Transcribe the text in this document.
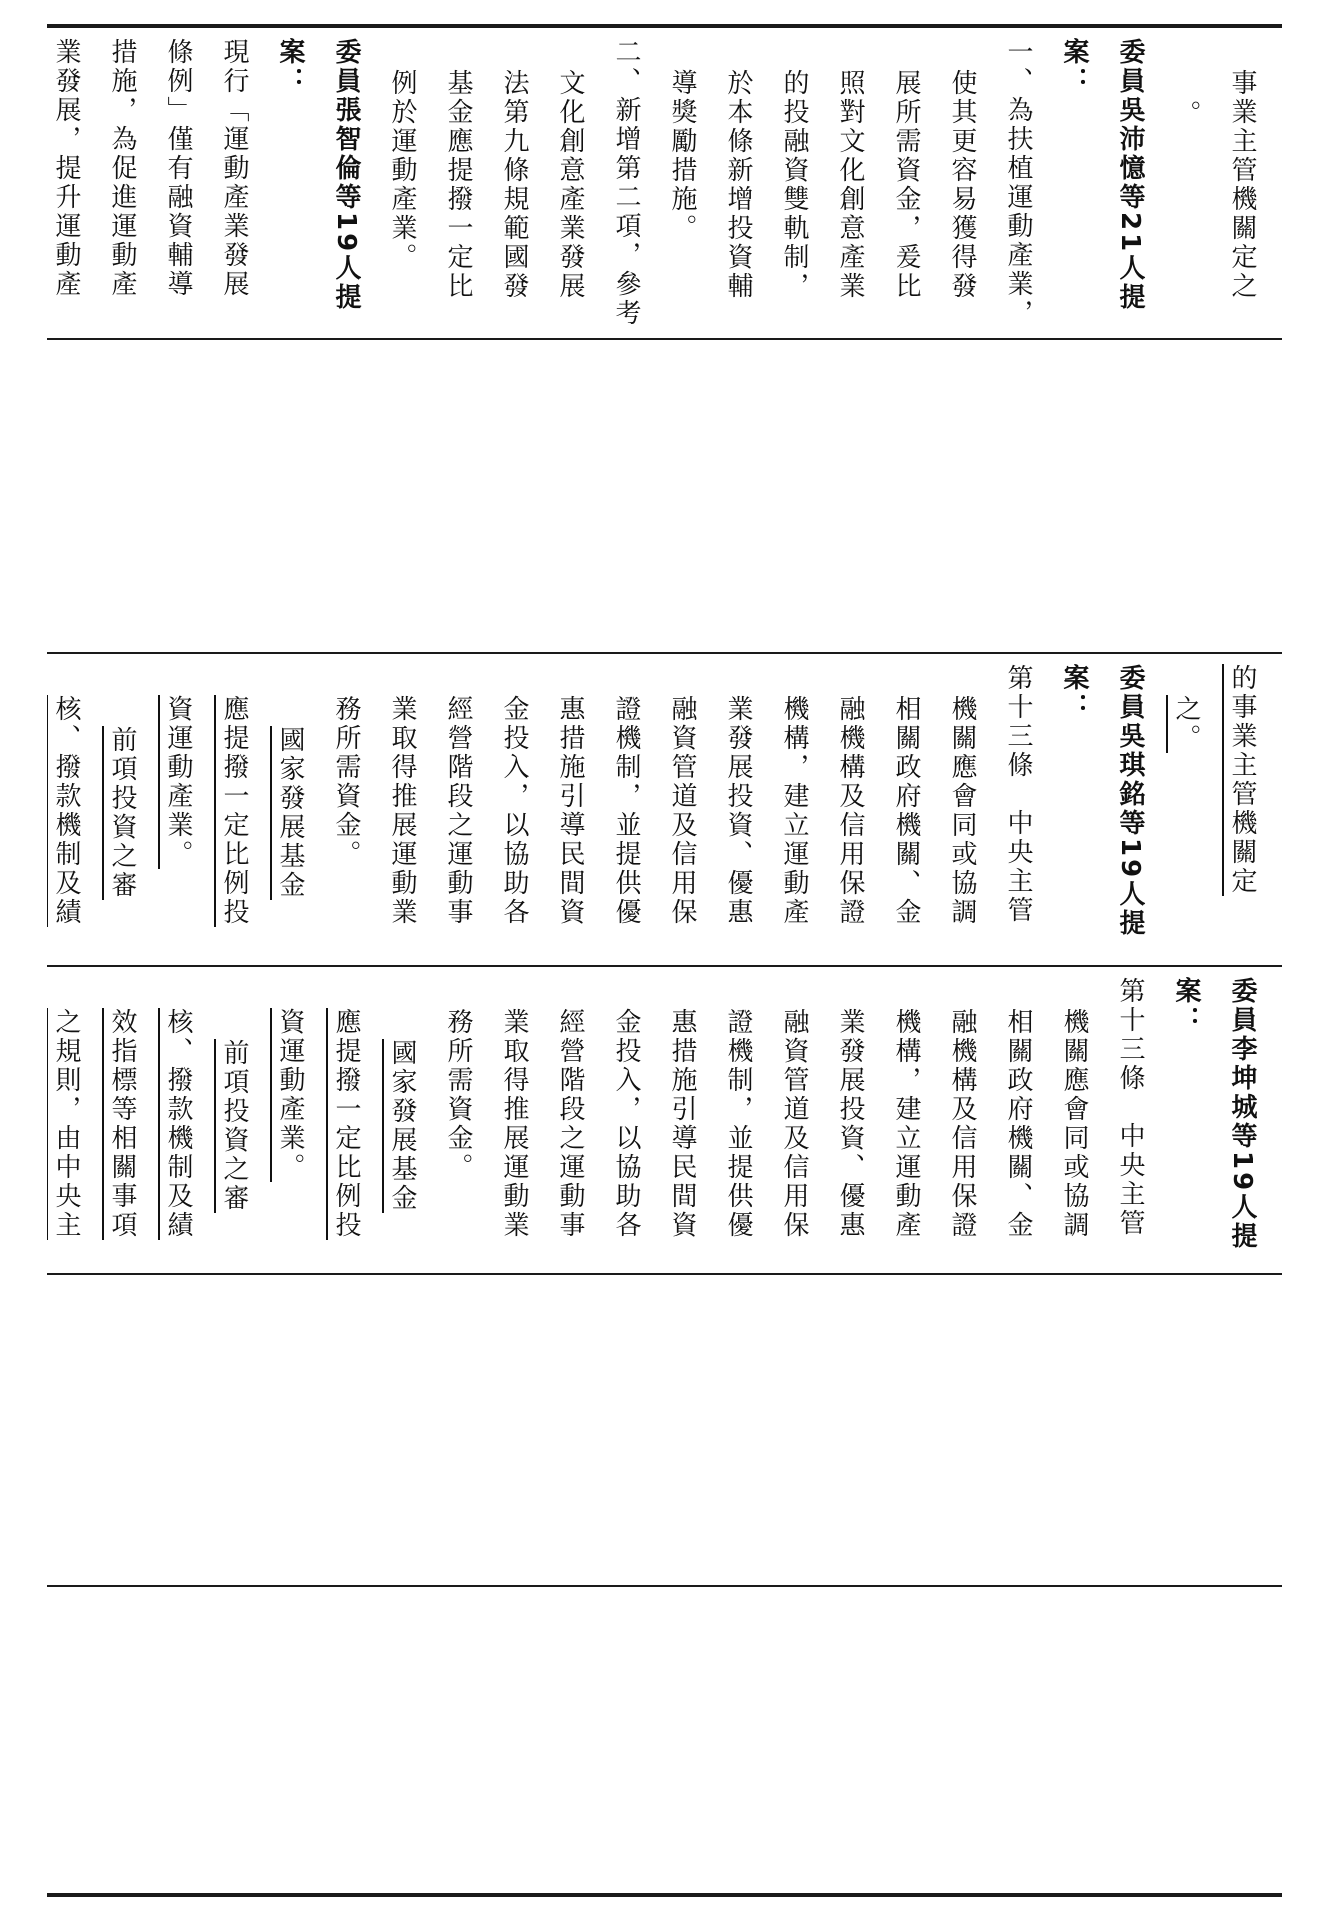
事業主管機關定之
。
委員吳沛憶等21人提
案：
一、為扶植運動產業，
使其更容易獲得發
展所需資金，爰比
照對文化創意產業
的投融資雙軌制，
於本條新增投資輔
導獎勵措施。
二、新增第二項，參考
文化創意產業發展
法第九條規範國發
基金應提撥一定比
例於運動產業。
委員張智倫等19人提
案：
現行「運動產業發展
條例」僅有融資輔導
措施，為促進運動產
業發展，提升運動產
的事業主管機關定
之。
委員吳琪銘等19人提
案：
第十三條　中央主管
機關應會同或協調
相關政府機關、金
融機構及信用保證
機構，建立運動產
業發展投資、優惠
融資管道及信用保
證機制，並提供優
惠措施引導民間資
金投入，以協助各
經營階段之運動事
業取得推展運動業
務所需資金。
國家發展基金
應提撥一定比例投
資運動產業。
前項投資之審
核、撥款機制及績
委員李坤城等19人提
案：
第十三條　中央主管
機關應會同或協調
相關政府機關、金
融機構及信用保證
機構，建立運動產
業發展投資、優惠
融資管道及信用保
證機制，並提供優
惠措施引導民間資
金投入，以協助各
經營階段之運動事
業取得推展運動業
務所需資金。
國家發展基金
應提撥一定比例投
資運動產業。
前項投資之審
核、撥款機制及績
效指標等相關事項
之規則，由中央主
